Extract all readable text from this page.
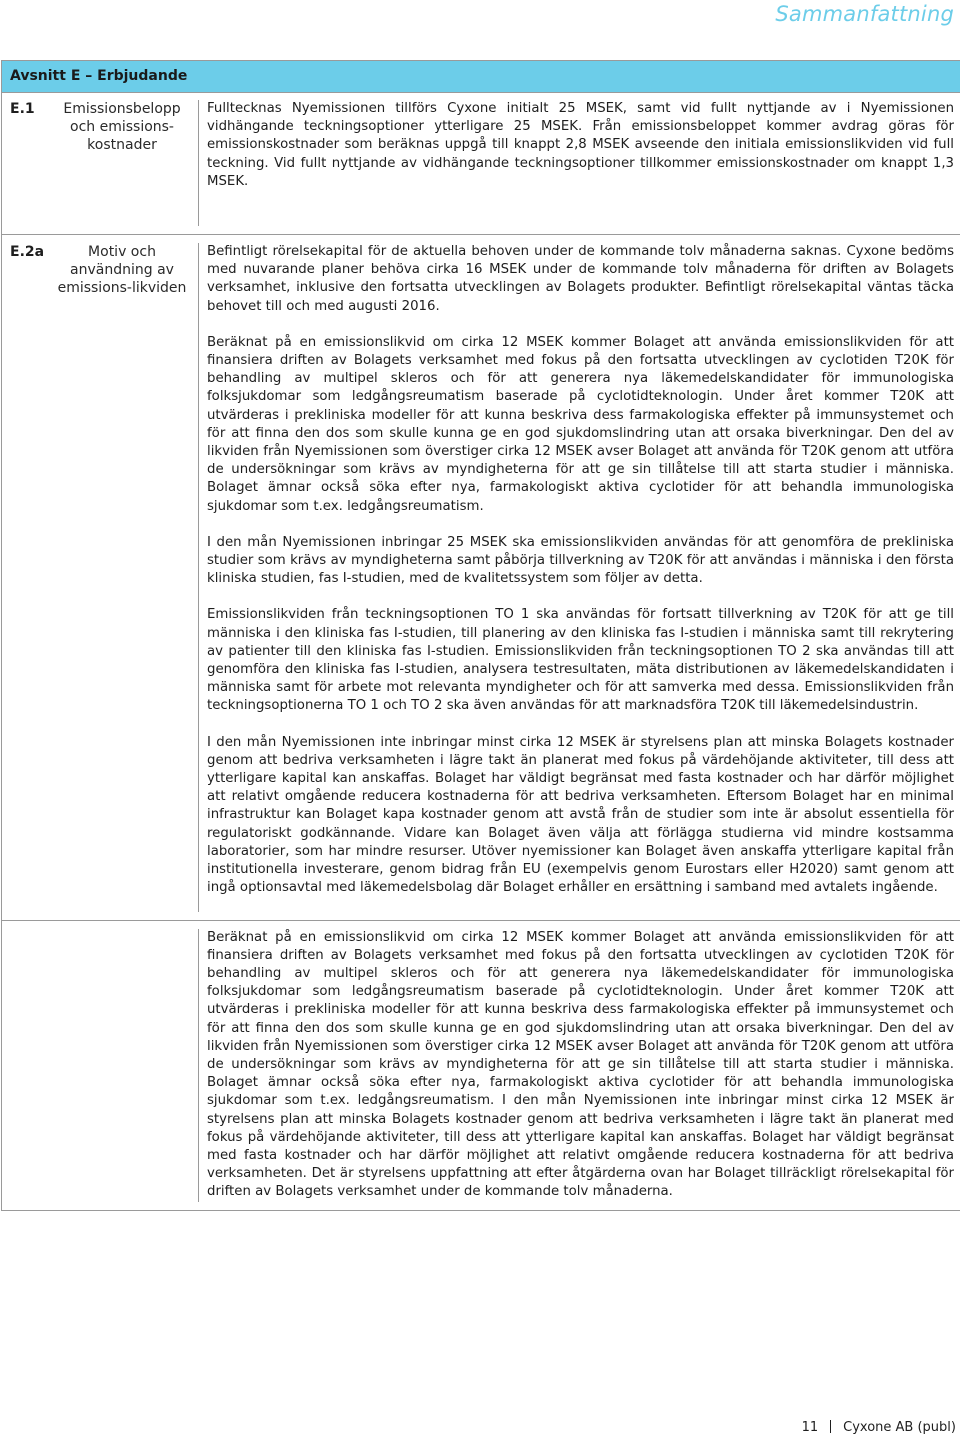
Sammanfattning
Avsnitt E – Erbjudande
E.1	Emissionsbelopp och emissions-kostnader

Fulltecknas Nyemissionen tillförs Cyxone initialt 25 MSEK, samt vid fullt nyttjande av i Nyemissionen vidhängande teckningsoptioner ytterligare 25 MSEK. Från emissionsbeloppet kommer avdrag göras för emissionskostnader som beräknas uppgå till knappt 2,8 MSEK avseende den initiala emissionslikviden vid full teckning. Vid fullt nyttjande av vidhängande teckningsoptioner tillkommer emissionskostnader om knappt 1,3 MSEK.

E.2a	Motiv och användning av emissions-likviden

Befintligt rörelsekapital för de aktuella behoven under de kommande tolv månaderna saknas. Cyxone bedöms med nuvarande planer behöva cirka 16 MSEK under de kommande tolv månaderna för driften av Bolagets verksamhet, inklusive den fortsatta utvecklingen av Bolagets produkter. Befintligt rörelsekapital väntas täcka behovet till och med augusti 2016.

Beräknat på en emissionslikvid om cirka 12 MSEK kommer Bolaget att använda emissionslikviden för att finansiera driften av Bolagets verksamhet med fokus på den fortsatta utvecklingen av cyclotiden T20K för behandling av multipel skleros och för att generera nya läkemedelskandidater för immunologiska folksjukdomar som ledgångsreumatism baserade på cyclotidteknologin. Under året kommer T20K att utvärderas i prekliniska modeller för att kunna beskriva dess farmakologiska effekter på immunsystemet och för att finna den dos som skulle kunna ge en god sjukdomslindring utan att orsaka biverkningar. Den del av likviden från Nyemissionen som överstiger cirka 12 MSEK avser Bolaget att använda för T20K genom att utföra de undersökningar som krävs av myndigheterna för att ge sin tillåtelse till att starta studier i människa. Bolaget ämnar också söka efter nya, farmakologiskt aktiva cyclotider för att behandla immunologiska sjukdomar som t.ex. ledgångsreumatism.

I den mån Nyemissionen inbringar 25 MSEK ska emissionslikviden användas för att genomföra de prekliniska studier som krävs av myndigheterna samt påbörja tillverkning av T20K för att användas i människa i den första kliniska studien, fas I-studien, med de kvalitetssystem som följer av detta.

Emissionslikviden från teckningsoptionen TO 1 ska användas för fortsatt tillverkning av T20K för att ge till människa i den kliniska fas I-studien, till planering av den kliniska fas I-studien i människa samt till rekrytering av patienter till den kliniska fas I-studien. Emissionslikviden från teckningsoptionen TO 2 ska användas till att genomföra den kliniska fas I-studien, analysera testresultaten, mäta distributionen av läkemedelskandidaten i människa samt för arbete mot relevanta myndigheter och för att samverka med dessa. Emissionslikviden från teckningsoptionerna TO 1 och TO 2 ska även användas för att marknadsföra T20K till läkemedelsindustrin.

I den mån Nyemissionen inte inbringar minst cirka 12 MSEK är styrelsens plan att minska Bolagets kostnader genom att bedriva verksamheten i lägre takt än planerat med fokus på värdehöjande aktiviteter, till dess att ytterligare kapital kan anskaffas. Bolaget har väldigt begränsat med fasta kostnader och har därför möjlighet att relativt omgående reducera kostnaderna för att bedriva verksamheten. Eftersom Bolaget har en minimal infrastruktur kan Bolaget kapa kostnader genom att avstå från de studier som inte är absolut essentiella för regulatoriskt godkännande. Vidare kan Bolaget även välja att förlägga studierna vid mindre kostsamma laboratorier, som har mindre resurser. Utöver nyemissioner kan Bolaget även anskaffa ytterligare kapital från institutionella investerare, genom bidrag från EU (exempelvis genom Eurostars eller H2020) samt genom att ingå optionsavtal med läkemedelsbolag där Bolaget erhåller en ersättning i samband med avtalets ingående.

Beräknat på en emissionslikvid om cirka 12 MSEK kommer Bolaget att använda emissionslikviden för att finansiera driften av Bolagets verksamhet med fokus på den fortsatta utvecklingen av cyclotiden T20K för behandling av multipel skleros och för att generera nya läkemedelskandidater för immunologiska folksjukdomar som ledgångsreumatism baserade på cyclotidteknologin. Under året kommer T20K att utvärderas i prekliniska modeller för att kunna beskriva dess farmakologiska effekter på immunsystemet och för att finna den dos som skulle kunna ge en god sjukdomslindring utan att orsaka biverkningar. Den del av likviden från Nyemissionen som överstiger cirka 12 MSEK avser Bolaget att använda för T20K genom att utföra de undersökningar som krävs av myndigheterna för att ge sin tillåtelse till att starta studier i människa. Bolaget ämnar också söka efter nya, farmakologiskt aktiva cyclotider för att behandla immunologiska sjukdomar som t.ex. ledgångsreumatism. I den mån Nyemissionen inte inbringar minst cirka 12 MSEK är styrelsens plan att minska Bolagets kostnader genom att bedriva verksamheten i lägre takt än planerat med fokus på värdehöjande aktiviteter, till dess att ytterligare kapital kan anskaffas. Bolaget har väldigt begränsat med fasta kostnader och har därför möjlighet att relativt omgående reducera kostnaderna för att bedriva verksamheten. Det är styrelsens uppfattning att efter åtgärderna ovan har Bolaget tillräckligt rörelsekapital för driften av Bolagets verksamhet under de kommande tolv månaderna.

11 Cyxone AB (publ)
